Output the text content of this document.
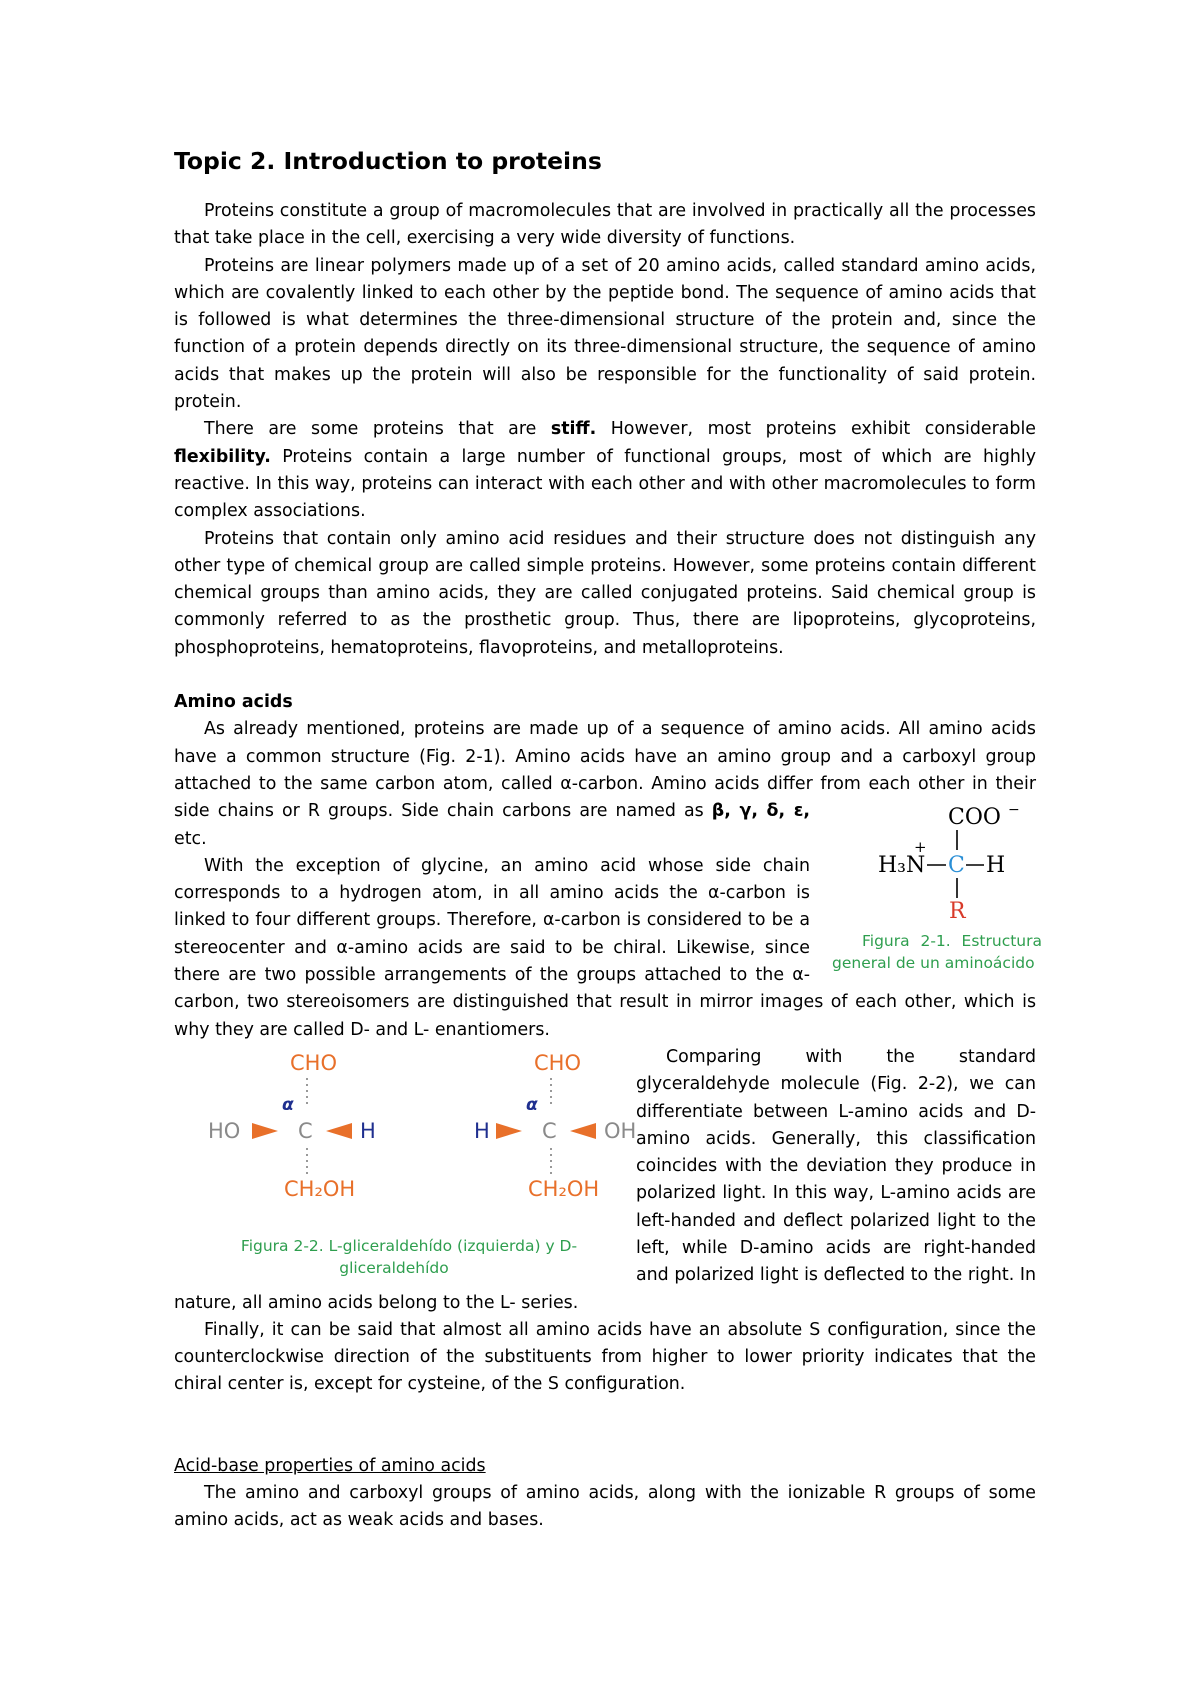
Topic 2. Introduction to proteins

Proteins constitute a group of macromolecules that are involved in practically all the processes that take place in the cell, exercising a very wide diversity of functions.

Proteins are linear polymers made up of a set of 20 amino acids, called standard amino acids, which are covalently linked to each other by the peptide bond. The sequence of amino acids that is followed is what determines the three-dimensional structure of the protein and, since the function of a protein depends directly on its three-dimensional structure, the sequence of amino acids that makes up the protein will also be responsible for the functionality of said protein. protein.

There are some proteins that are stiff. However, most proteins exhibit considerable flexibility. Proteins contain a large number of functional groups, most of which are highly reactive. In this way, proteins can interact with each other and with other macromolecules to form complex associations.

Proteins that contain only amino acid residues and their structure does not distinguish any other type of chemical group are called simple proteins. However, some proteins contain different chemical groups than amino acids, they are called conjugated proteins. Said chemical group is commonly referred to as the prosthetic group. Thus, there are lipoproteins, glycoproteins, phosphoproteins, hematoproteins, flavoproteins, and metalloproteins.

Amino acids

As already mentioned, proteins are made up of a sequence of amino acids. All amino acids have a common structure (Fig. 2-1). Amino acids have an amino group and a carboxyl group attached to the same carbon atom, called α-carbon. Amino acids differ from each other in their side chains or R groups. Side chain carbons are named as	COO −
+
H₃N C H
R
Figura 2-1. Estructura general de un aminoácido
β, γ, δ, ε, etc.

With the exception of glycine, an amino acid whose side chain corresponds to a hydrogen atom, in all amino acids the α-carbon is linked to four different groups. Therefore, α-carbon is considered to be a stereocenter and α-amino acids are said to be chiral. Likewise, since there are two possible arrangements of the groups attached to the α-carbon, two stereoisomers are distinguished that result in mirror images of each other, which is why they are called D- and L- enantiomers.

CHO
α
HO	C H
CH₂OH
CHO
α
H C OH
CH₂OH
Figura 2-2. L-gliceraldehído (izquierda) y D-gliceraldehído
Comparing with the standard glyceraldehyde molecule (Fig. 2-2), we can differentiate between L-amino acids and D-amino acids. Generally, this classification coincides with the deviation they produce in polarized light. In this way, L-amino acids are left-handed and deflect polarized light to the left, while D-amino acids are right-handed and polarized light is deflected to the right. In nature, all amino acids belong to the L- series.

Finally, it can be said that almost all amino acids have an absolute S configuration, since the counterclockwise direction of the substituents from higher to lower priority indicates that the chiral center is, except for cysteine, of the S configuration.

Acid-base properties of amino acids

The amino and carboxyl groups of amino acids, along with the ionizable R groups of some amino acids, act as weak acids and bases.
